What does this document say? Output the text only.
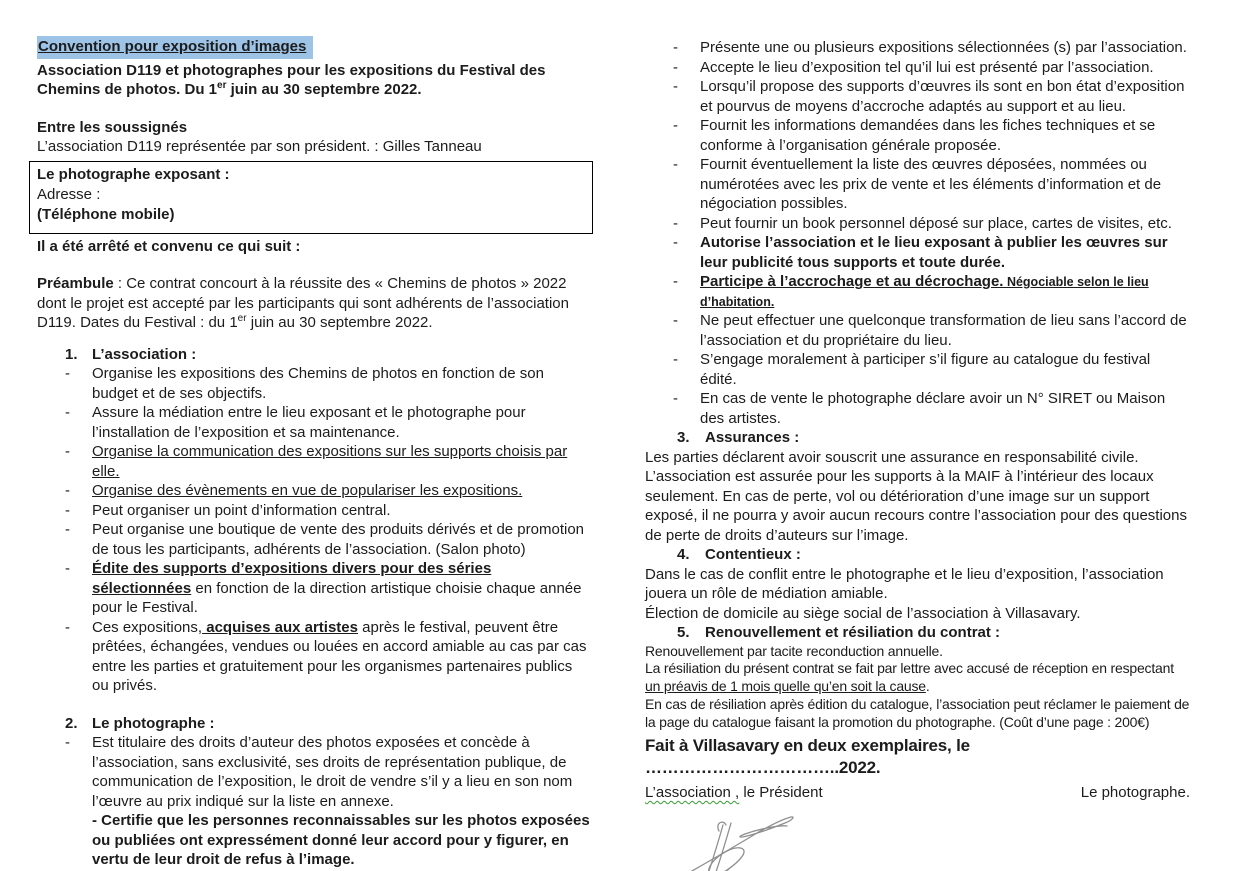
Convention pour exposition d’images

Association D119 et photographes pour les expositions du Festival des Chemins de photos. Du 1er juin au 30 septembre 2022.

Entre les soussignés

L’association D119 représentée par son président. : Gilles Tanneau

Le photographe exposant :

Adresse :

(Téléphone mobile)

Il a été arrêté et convenu ce qui suit :

Préambule : Ce contrat concourt à la réussite des « Chemins de photos » 2022 dont le projet est accepté par les participants qui sont adhérents de l’association D119. Dates du Festival : du 1er juin au 30 septembre 2022.

1. L’association :
-	Organise les expositions des Chemins de photos en fonction de son budget et de ses objectifs.
-	Assure la médiation entre le lieu exposant et le photographe pour l’installation de l’exposition et sa maintenance.
-	Organise la communication des expositions sur les supports choisis par elle.
-	Organise des évènements en vue de populariser les expositions.
-	Peut organiser un point d’information central.
-	Peut organise une boutique de vente des produits dérivés et de promotion de tous les participants, adhérents de l’association. (Salon photo)
-	Édite des supports d’expositions divers pour des séries sélectionnées en fonction de la direction artistique choisie chaque année pour le Festival.
-	Ces expositions, acquises aux artistes après le festival, peuvent être prêtées, échangées, vendues ou louées en accord amiable au cas par cas entre les parties et gratuitement pour les organismes partenaires publics ou privés.
2. Le photographe :
-	Est titulaire des droits d’auteur des photos exposées et concède à l’association, sans exclusivité, ses droits de représentation publique, de communication de l’exposition, le droit de vendre s’il y a lieu en son nom l’œuvre au prix indiqué sur la liste en annexe.
- Certifie que les personnes reconnaissables sur les photos exposées ou publiées ont expressément donné leur accord pour y figurer, en vertu de leur droit de refus à l’image.
-	Présente une ou plusieurs expositions sélectionnées (s) par l’association.
-	Accepte le lieu d’exposition tel qu’il lui est présenté par l’association.
-	Lorsqu’il propose des supports d’œuvres ils sont en bon état d’exposition et pourvus de moyens d’accroche adaptés au support et au lieu.
-	Fournit les informations demandées dans les fiches techniques et se conforme à l’organisation générale proposée.
-	Fournit éventuellement la liste des œuvres déposées, nommées ou numérotées avec les prix de vente et les éléments d’information et de négociation possibles.
-	Peut fournir un book personnel déposé sur place, cartes de visites, etc.
-	Autorise l’association et le lieu exposant à publier les œuvres sur leur publicité tous supports et toute durée.
-	Participe à l’accrochage et au décrochage. Négociable selon le lieu d’habitation.
-	Ne peut effectuer une quelconque transformation de lieu sans l’accord de l’association et du propriétaire du lieu.
-	S’engage moralement à participer s’il figure au catalogue du festival édité.
-	En cas de vente le photographe déclare avoir un N° SIRET ou Maison des artistes.
3.	Assurances :

Les parties déclarent avoir souscrit une assurance en responsabilité civile.

L’association est assurée pour les supports à la MAIF à l’intérieur des locaux seulement. En cas de perte, vol ou détérioration d’une image sur un support exposé, il ne pourra y avoir aucun recours contre l’association pour des questions de perte de droits d’auteurs sur l’image.

4.	Contentieux :

Dans le cas de conflit entre le photographe et le lieu d’exposition, l’association jouera un rôle de médiation amiable.

Élection de domicile au siège social de l’association à Villasavary.

5.	Renouvellement et résiliation du contrat :

Renouvellement par tacite reconduction annuelle.

La résiliation du présent contrat se fait par lettre avec accusé de réception en respectant un préavis de 1 mois quelle qu’en soit la cause.

En cas de résiliation après édition du catalogue, l’association peut réclamer le paiement de la page du catalogue faisant la promotion du photographe. (Coût d’une page : 200€)

Fait à Villasavary en deux exemplaires, le ……………………………..2022.

L’association , le Président	Le photographe.
